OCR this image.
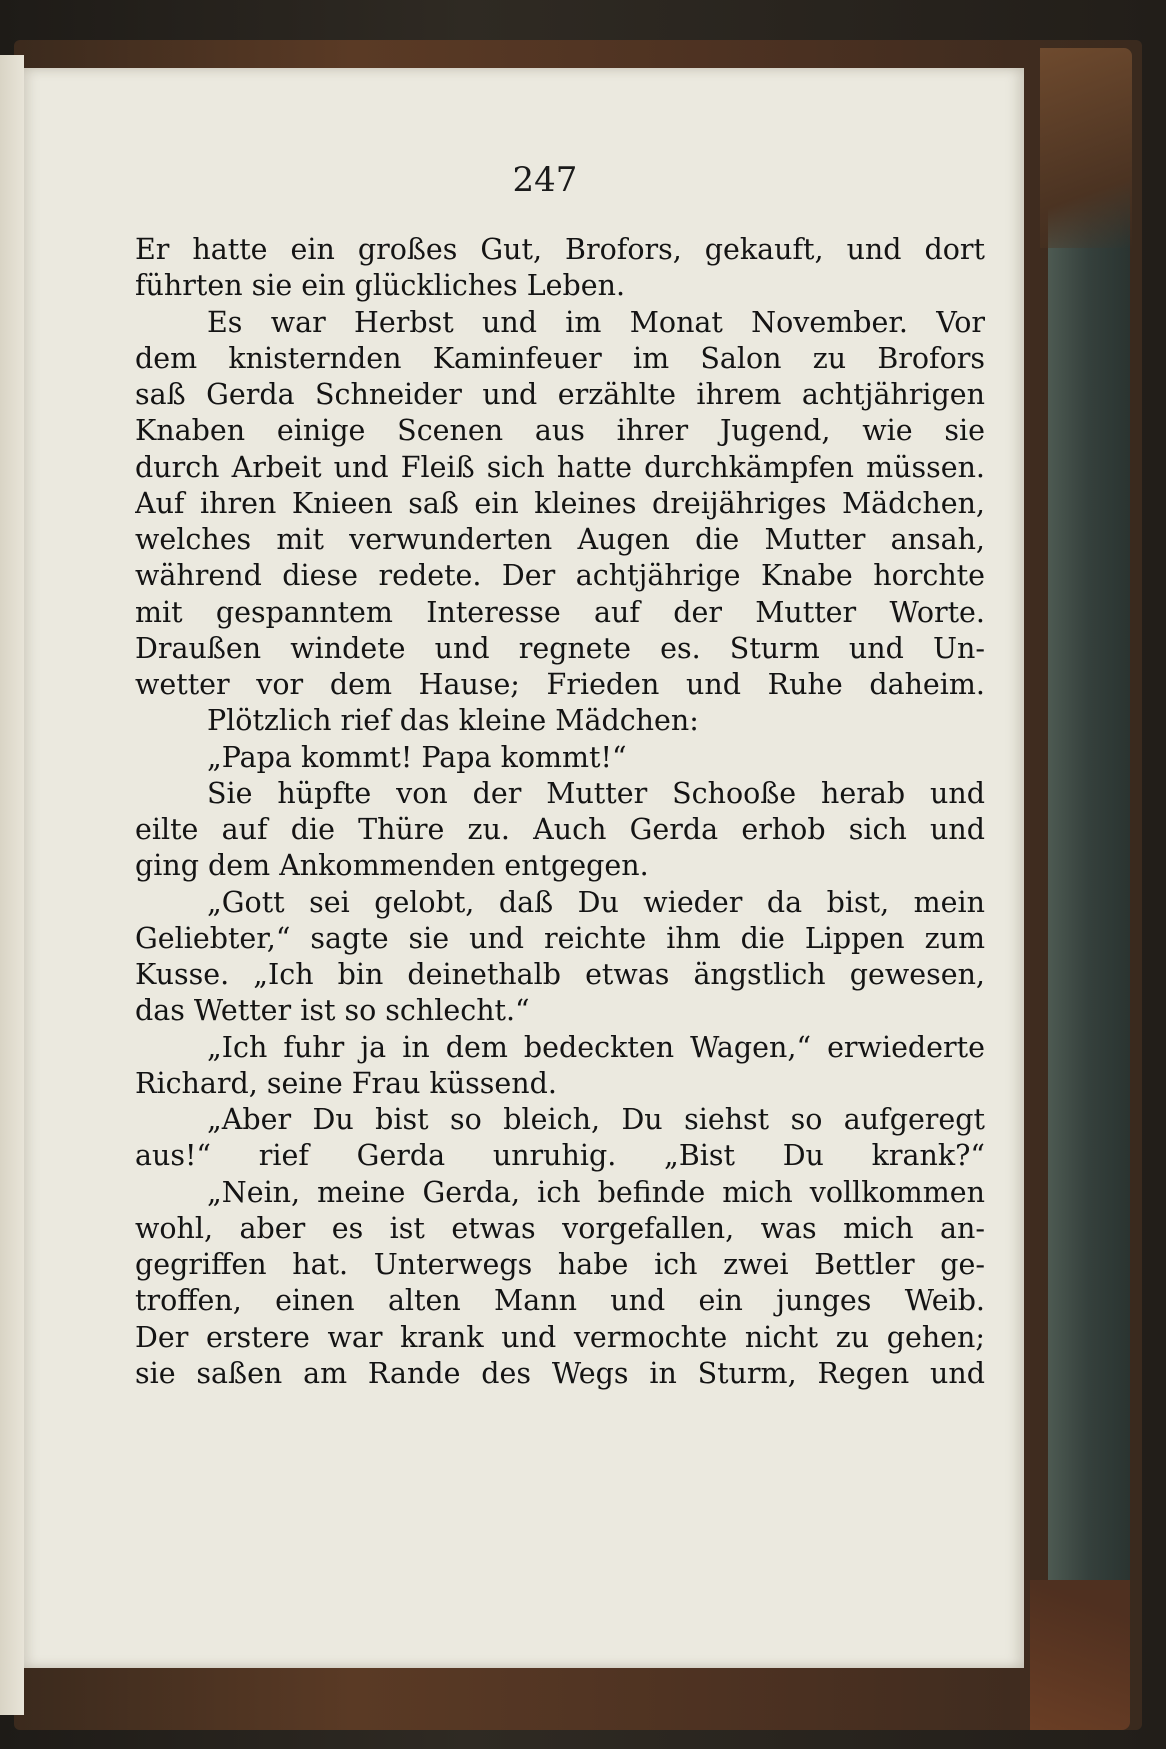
247
Er hatte ein großes Gut, Brofors, gekauft, und dort
führten sie ein glückliches Leben.
Es war Herbst und im Monat November. Vor
dem knisternden Kaminfeuer im Salon zu Brofors
saß Gerda Schneider und erzählte ihrem achtjährigen
Knaben einige Scenen aus ihrer Jugend, wie sie
durch Arbeit und Fleiß sich hatte durchkämpfen müssen.
Auf ihren Knieen saß ein kleines dreijähriges Mädchen,
welches mit verwunderten Augen die Mutter ansah,
während diese redete. Der achtjährige Knabe horchte
mit gespanntem Interesse auf der Mutter Worte.
Draußen windete und regnete es. Sturm und Un-
wetter vor dem Hause; Frieden und Ruhe daheim.
Plötzlich rief das kleine Mädchen:
„Papa kommt! Papa kommt!“
Sie hüpfte von der Mutter Schooße herab und
eilte auf die Thüre zu. Auch Gerda erhob sich und
ging dem Ankommenden entgegen.
„Gott sei gelobt, daß Du wieder da bist, mein
Geliebter,“ sagte sie und reichte ihm die Lippen zum
Kusse. „Ich bin deinethalb etwas ängstlich gewesen,
das Wetter ist so schlecht.“
„Ich fuhr ja in dem bedeckten Wagen,“ erwiederte
Richard, seine Frau küssend.
„Aber Du bist so bleich, Du siehst so aufgeregt
aus!“ rief Gerda unruhig. „Bist Du krank?“
„Nein, meine Gerda, ich befinde mich vollkommen
wohl, aber es ist etwas vorgefallen, was mich an-
gegriffen hat. Unterwegs habe ich zwei Bettler ge-
troffen, einen alten Mann und ein junges Weib.
Der erstere war krank und vermochte nicht zu gehen;
sie saßen am Rande des Wegs in Sturm, Regen und
